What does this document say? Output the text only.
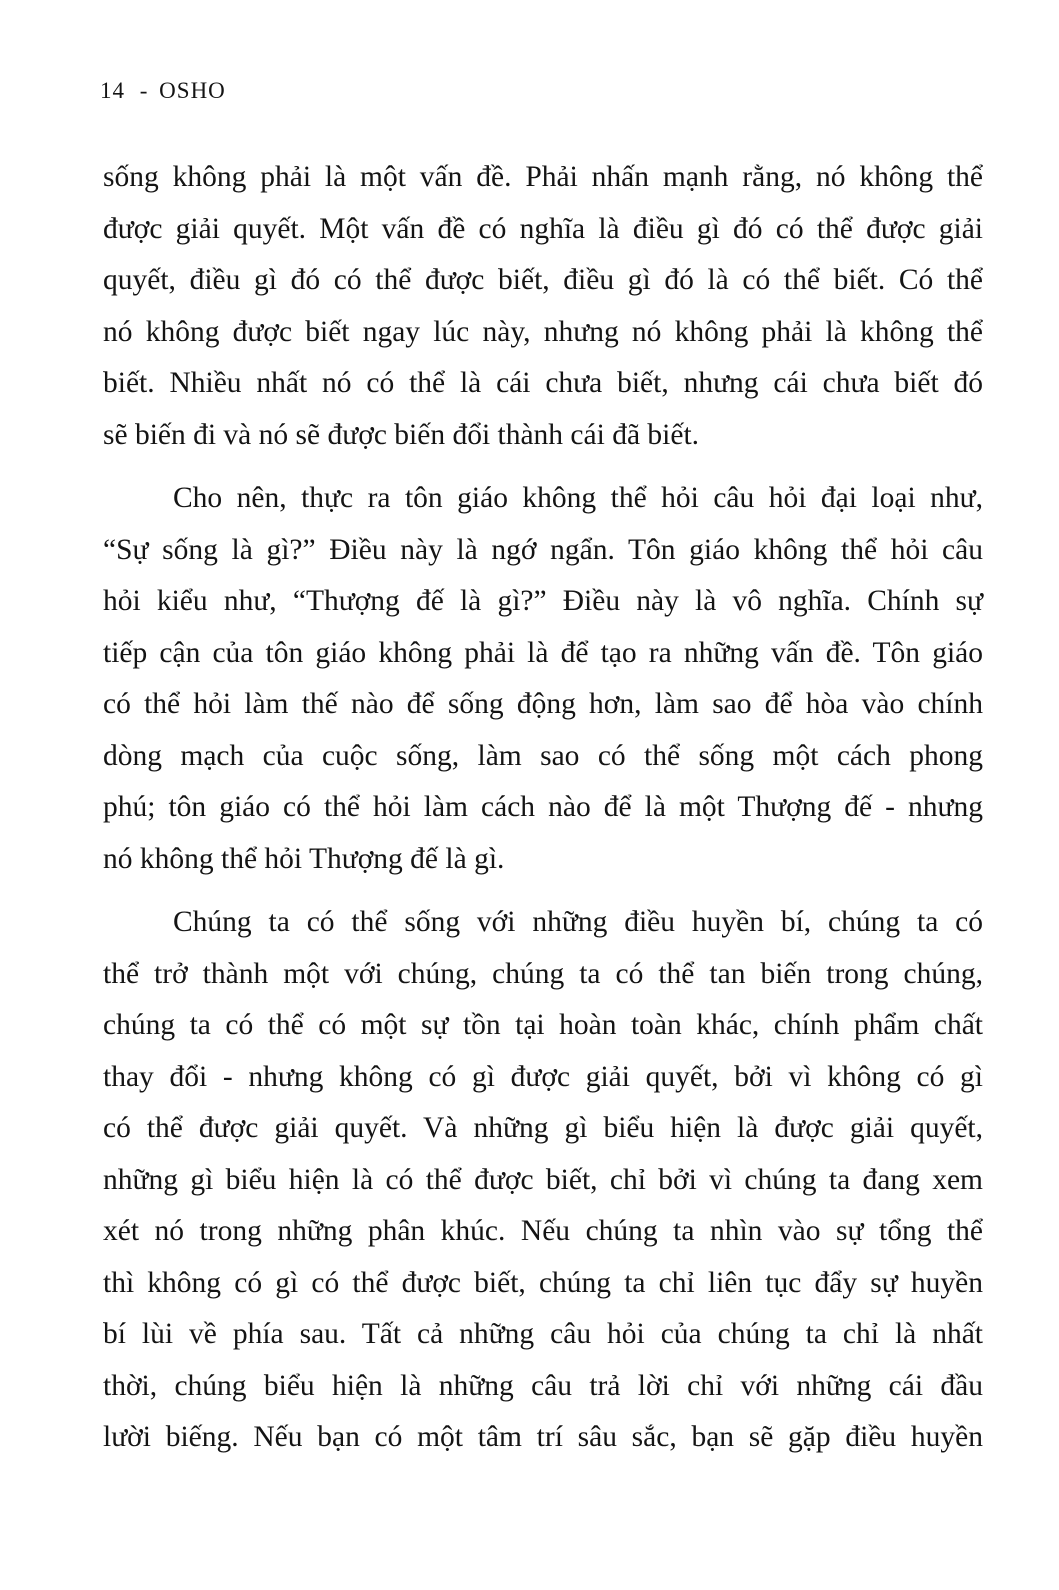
14 - OSHO
sống không phải là một vấn đề. Phải nhấn mạnh rằng, nó không thể
được giải quyết. Một vấn đề có nghĩa là điều gì đó có thể được giải
quyết, điều gì đó có thể được biết, điều gì đó là có thể biết. Có thể
nó không được biết ngay lúc này, nhưng nó không phải là không thể
biết. Nhiều nhất nó có thể là cái chưa biết, nhưng cái chưa biết đó
sẽ biến đi và nó sẽ được biến đổi thành cái đã biết.
Cho nên, thực ra tôn giáo không thể hỏi câu hỏi đại loại như,
“Sự sống là gì?” Điều này là ngớ ngẩn. Tôn giáo không thể hỏi câu
hỏi kiểu như, “Thượng đế là gì?” Điều này là vô nghĩa. Chính sự
tiếp cận của tôn giáo không phải là để tạo ra những vấn đề. Tôn giáo
có thể hỏi làm thế nào để sống động hơn, làm sao để hòa vào chính
dòng mạch của cuộc sống, làm sao có thể sống một cách phong
phú; tôn giáo có thể hỏi làm cách nào để là một Thượng đế - nhưng
nó không thể hỏi Thượng đế là gì.
Chúng ta có thể sống với những điều huyền bí, chúng ta có
thể trở thành một với chúng, chúng ta có thể tan biến trong chúng,
chúng ta có thể có một sự tồn tại hoàn toàn khác, chính phẩm chất
thay đổi - nhưng không có gì được giải quyết, bởi vì không có gì
có thể được giải quyết. Và những gì biểu hiện là được giải quyết,
những gì biểu hiện là có thể được biết, chỉ bởi vì chúng ta đang xem
xét nó trong những phân khúc. Nếu chúng ta nhìn vào sự tổng thể
thì không có gì có thể được biết, chúng ta chỉ liên tục đẩy sự huyền
bí lùi về phía sau. Tất cả những câu hỏi của chúng ta chỉ là nhất
thời, chúng biểu hiện là những câu trả lời chỉ với những cái đầu
lười biếng. Nếu bạn có một tâm trí sâu sắc, bạn sẽ gặp điều huyền
